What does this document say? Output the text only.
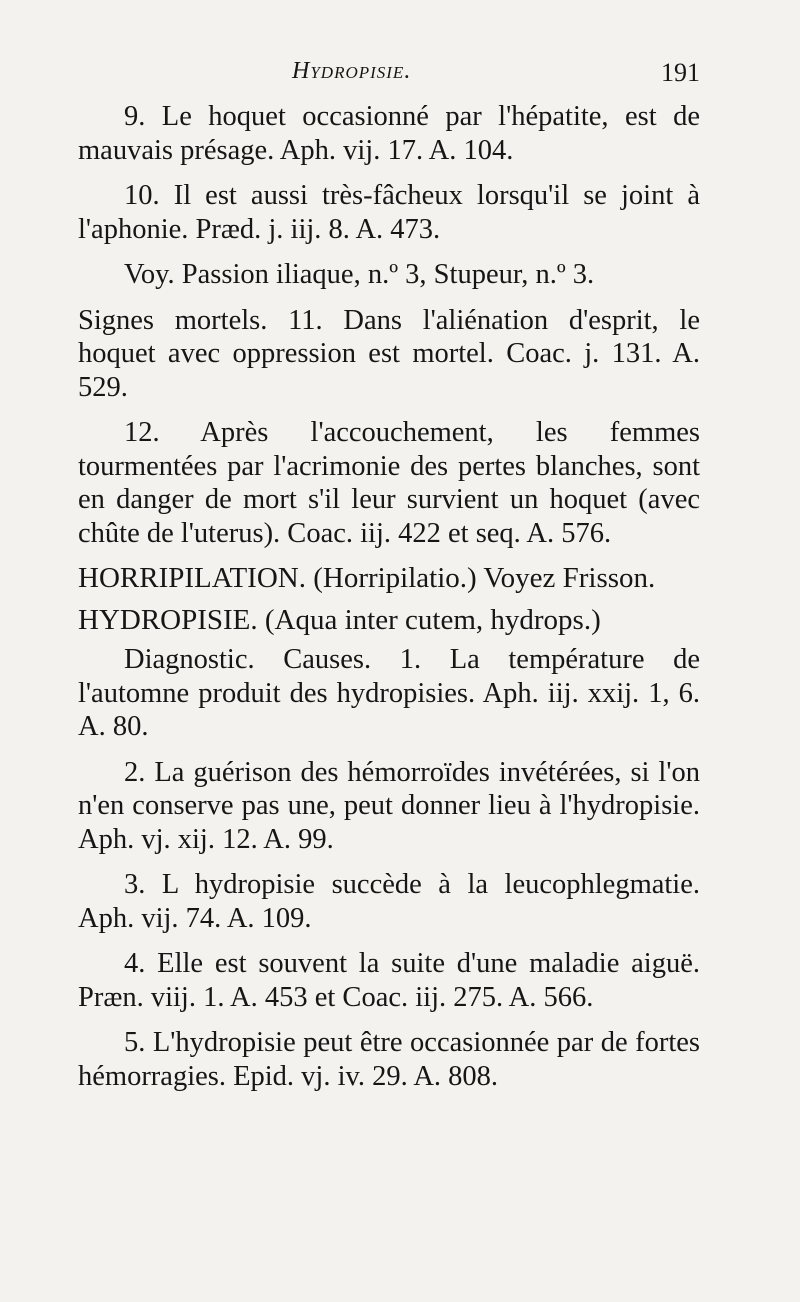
Hydropisie.	191

9. Le hoquet occasionné par l'hépatite, est de mauvais présage. Aph. vij. 17. A. 104.

10. Il est aussi très-fâcheux lorsqu'il se joint à l'aphonie. Præd. j. iij. 8. A. 473.

Voy. Passion iliaque, n.º 3, Stupeur, n.º 3.

Signes mortels. 11. Dans l'aliénation d'esprit, le hoquet avec oppression est mortel. Coac. j. 131. A. 529.

12. Après l'accouchement, les femmes tourmentées par l'acrimonie des pertes blanches, sont en danger de mort s'il leur survient un hoquet (avec chûte de l'uterus). Coac. iij. 422 et seq. A. 576.

HORRIPILATION. (Horripilatio.) Voyez Frisson.

HYDROPISIE. (Aqua inter cutem, hydrops.)

Diagnostic. Causes. 1. La température de l'automne produit des hydropisies. Aph. iij. xxij. 1, 6. A. 80.

2. La guérison des hémorroïdes invétérées, si l'on n'en conserve pas une, peut donner lieu à l'hydropisie. Aph. vj. xij. 12. A. 99.

3. L hydropisie succède à la leucophlegmatie. Aph. vij. 74. A. 109.

4. Elle est souvent la suite d'une maladie aiguë. Præn. viij. 1. A. 453 et Coac. iij. 275. A. 566.

5. L'hydropisie peut être occasionnée par de fortes hémorragies. Epid. vj. iv. 29. A. 808.
